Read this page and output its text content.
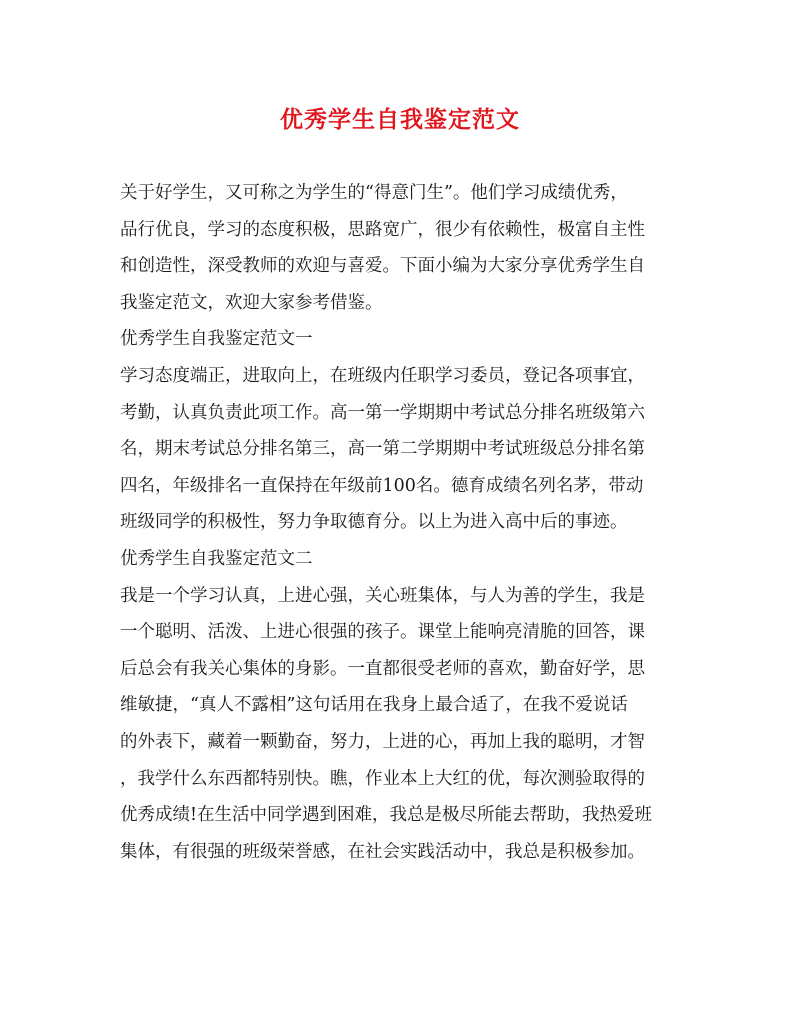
优秀学生自我鉴定范文
关于好学生，又可称之为学生的“得意门生”。他们学习成绩优秀，
品行优良，学习的态度积极，思路宽广，很少有依赖性，极富自主性
和创造性，深受教师的欢迎与喜爱。下面小编为大家分享优秀学生自
我鉴定范文，欢迎大家参考借鉴。
优秀学生自我鉴定范文一
学习态度端正，进取向上，在班级内任职学习委员，登记各项事宜，
考勤，认真负责此项工作。高一第一学期期中考试总分排名班级第六
名，期末考试总分排名第三，高一第二学期期中考试班级总分排名第
四名，年级排名一直保持在年级前100名。德育成绩名列名茅，带动
班级同学的积极性，努力争取德育分。以上为进入高中后的事迹。
优秀学生自我鉴定范文二
我是一个学习认真，上进心强，关心班集体，与人为善的学生，我是
一个聪明、活泼、上进心很强的孩子。课堂上能响亮清脆的回答，课
后总会有我关心集体的身影。一直都很受老师的喜欢，勤奋好学，思
维敏捷，“真人不露相”这句话用在我身上最合适了，在我不爱说话
的外表下，藏着一颗勤奋，努力，上进的心，再加上我的聪明，才智
，我学什么东西都特别快。瞧，作业本上大红的优，每次测验取得的
优秀成绩!在生活中同学遇到困难，我总是极尽所能去帮助，我热爱班
集体，有很强的班级荣誉感，在社会实践活动中，我总是积极参加。
